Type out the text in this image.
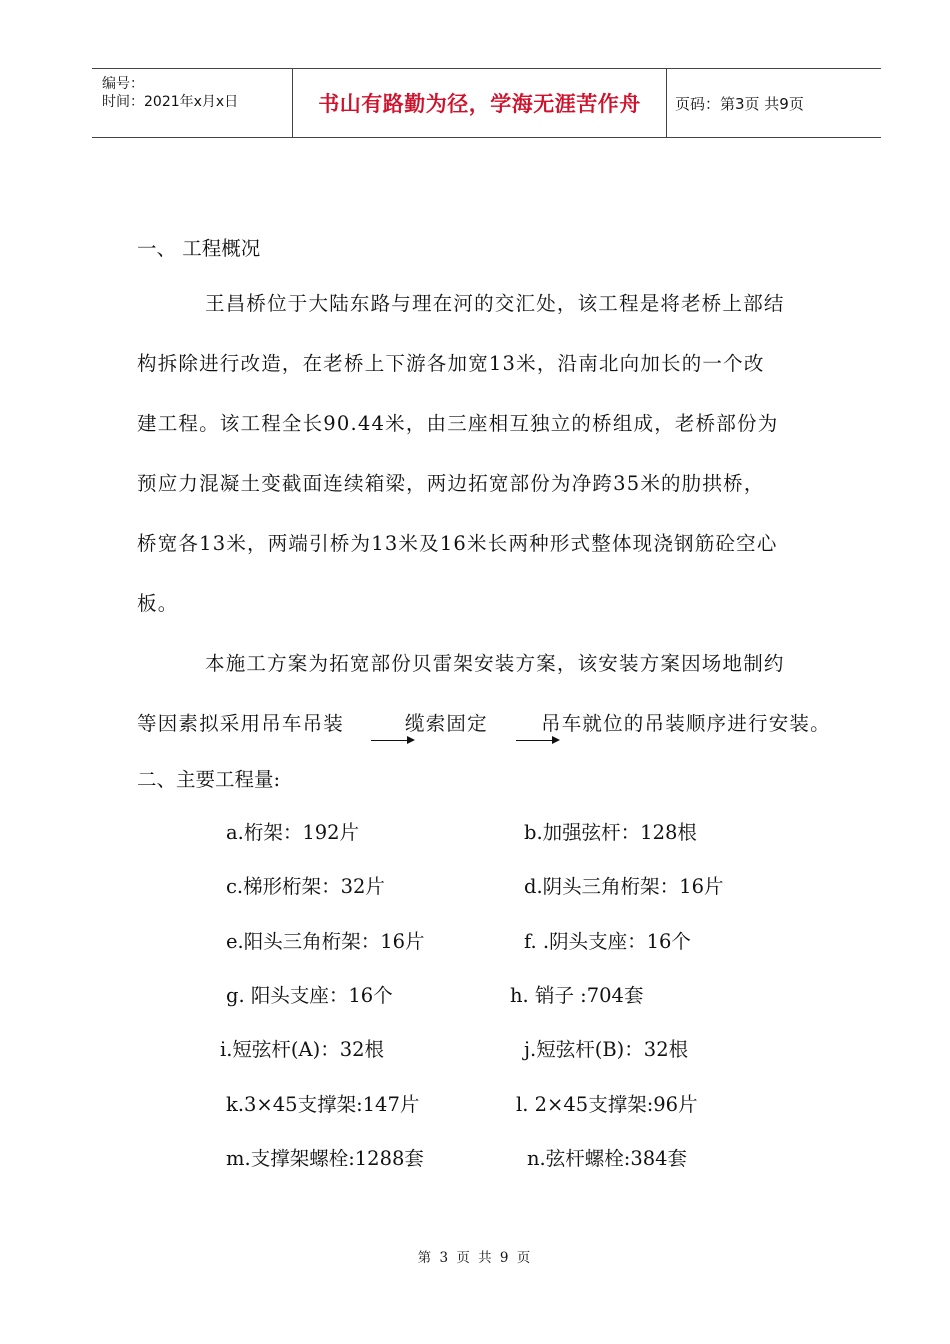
编号：
时间：2021年x月x日	书山有路勤为径，学海无涯苦作舟	页码：第3页 共9页
一、 工程概况
王昌桥位于大陆东路与理在河的交汇处，该工程是将老桥上部结
构拆除进行改造，在老桥上下游各加宽13米，沿南北向加长的一个改
建工程。该工程全长90.44米，由三座相互独立的桥组成，老桥部份为
预应力混凝土变截面连续箱梁，两边拓宽部份为净跨35米的肋拱桥，
桥宽各13米，两端引桥为13米及16米长两种形式整体现浇钢筋砼空心
板。
本施工方案为拓宽部份贝雷架安装方案，该安装方案因场地制约
等因素拟采用吊车吊装	缆索固定	吊车就位的吊装顺序进行安装。
二、主要工程量:
a.桁架：192片	b.加强弦杆：128根
c.梯形桁架：32片	d.阴头三角桁架：16片
e.阳头三角桁架：16片	f. .阴头支座：16个
g. 阳头支座：16个	h. 销子 :704套
i.短弦杆(A)：32根	j.短弦杆(B)：32根
k.3×45支撑架:147片	l. 2×45支撑架:96片
m.支撑架螺栓:1288套	n.弦杆螺栓:384套
第 3 页 共 9 页
